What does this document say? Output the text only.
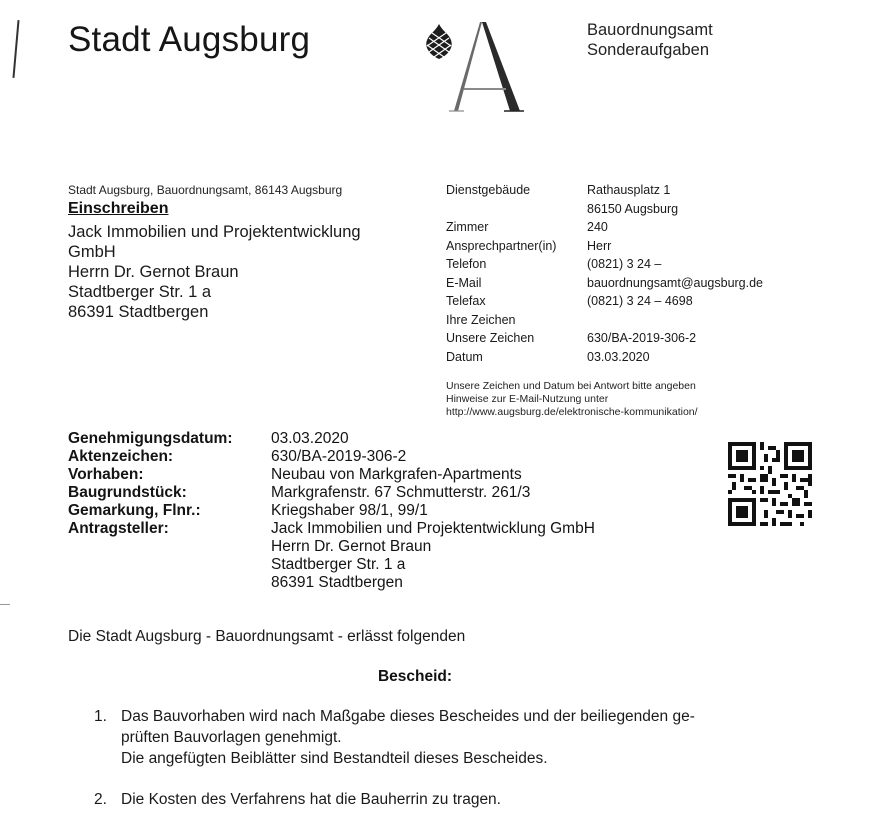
Stadt Augsburg	Bauordnungsamt
Sonderaufgaben
Stadt Augsburg, Bauordnungsamt, 86143 Augsburg
Einschreiben
Jack Immobilien und Projektentwicklung
GmbH
Herrn Dr. Gernot Braun
Stadtberger Str. 1 a
86391 Stadtbergen
Dienstgebäude	Rathausplatz 1
86150 Augsburg
Zimmer	240
Ansprechpartner(in)	Herr
Telefon	(0821) 3 24 –
E-Mail	bauordnungsamt@augsburg.de
Telefax	(0821) 3 24 – 4698
Ihre Zeichen
Unsere Zeichen	630/BA-2019-306-2
Datum	03.03.2020
Unsere Zeichen und Datum bei Antwort bitte angeben
Hinweise zur E-Mail-Nutzung unter
http://www.augsburg.de/elektronische-kommunikation/
Genehmigungsdatum:	03.03.2020
Aktenzeichen:	630/BA-2019-306-2
Vorhaben:	Neubau von Markgrafen-Apartments
Baugrundstück:	Markgrafenstr. 67 Schmutterstr. 261/3
Gemarkung, Flnr.:	Kriegshaber 98/1, 99/1
Antragsteller:	Jack Immobilien und Projektentwicklung GmbH
Herrn Dr. Gernot Braun
Stadtberger Str. 1 a
86391 Stadtbergen
Die Stadt Augsburg - Bauordnungsamt - erlässt folgenden
Bescheid:
1. Das Bauvorhaben wird nach Maßgabe dieses Bescheides und der beiliegenden ge-
prüften Bauvorlagen genehmigt.
Die angefügten Beiblätter sind Bestandteil dieses Bescheides.
2. Die Kosten des Verfahrens hat die Bauherrin zu tragen.
